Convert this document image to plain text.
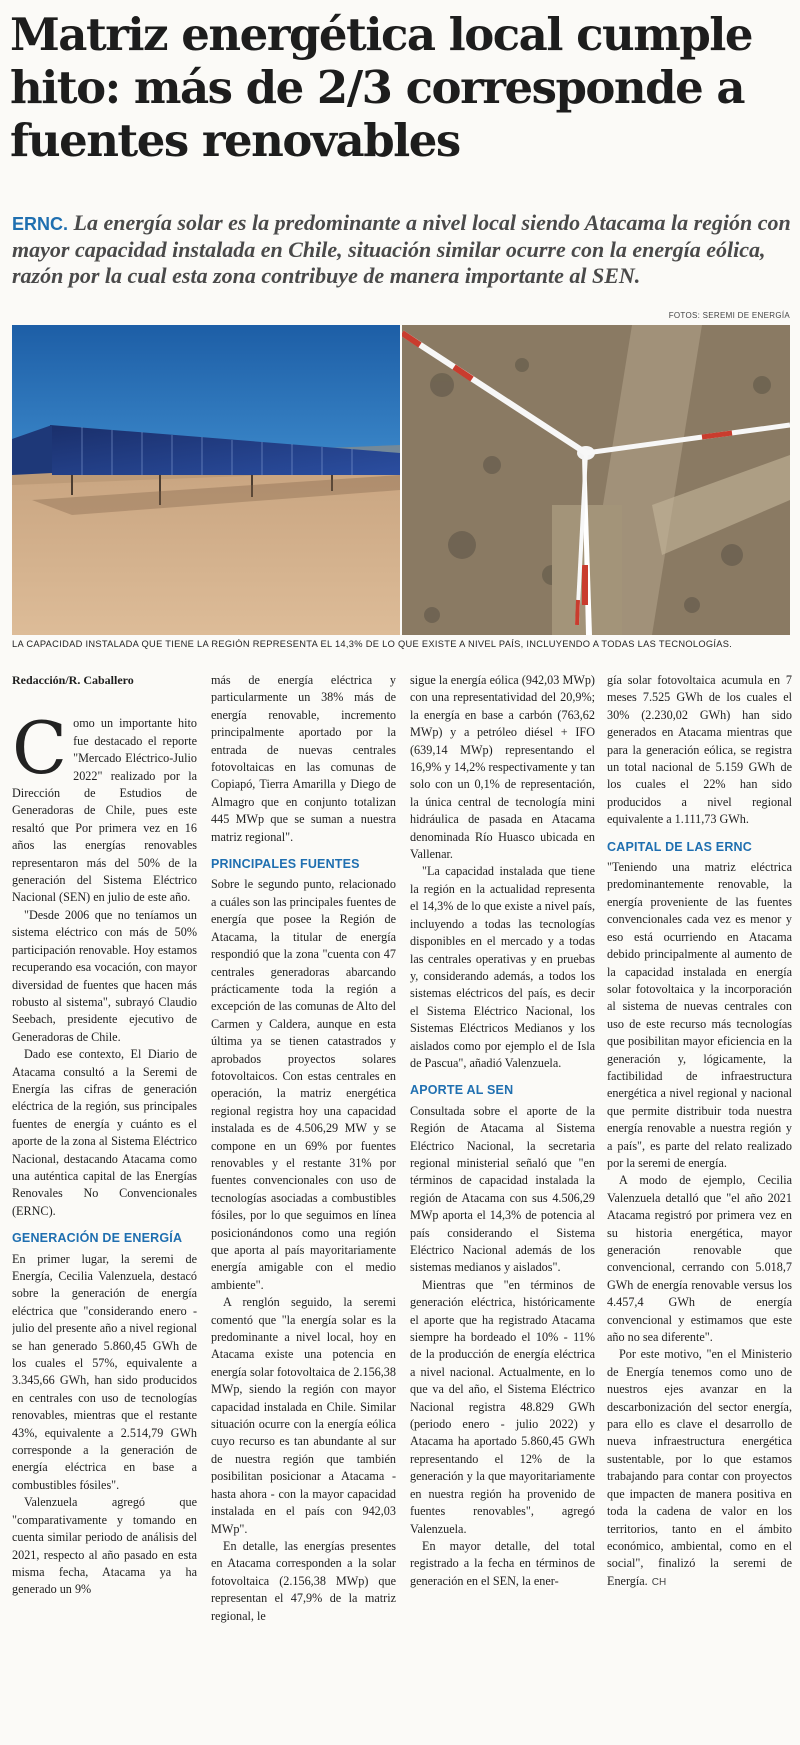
Matriz energética local cumple hito: más de 2/3 corresponde a fuentes renovables

ERNC. La energía solar es la predominante a nivel local siendo Atacama la región con mayor capacidad instalada en Chile, situación similar ocurre con la energía eólica, razón por la cual esta zona contribuye de manera importante al SEN.

FOTOS: SEREMI DE ENERGÍA
LA CAPACIDAD INSTALADA QUE TIENE LA REGIÓN REPRESENTA EL 14,3% DE LO QUE EXISTE A NIVEL PAÍS, INCLUYENDO A TODAS LAS TECNOLOGÍAS.

Redacción/R. Caballero

Como un importante hito fue destacado el reporte "Mercado Eléctrico-Julio 2022" realizado por la Dirección de Estudios de Generadoras de Chile, pues este resaltó que Por primera vez en 16 años las energías renovables representaron más del 50% de la generación del Sistema Eléctrico Nacional (SEN) en julio de este año.

"Desde 2006 que no teníamos un sistema eléctrico con más de 50% participación renovable. Hoy estamos recuperando esa vocación, con mayor diversidad de fuentes que hacen más robusto al sistema", subrayó Claudio Seebach, presidente ejecutivo de Generadoras de Chile.

Dado ese contexto, El Diario de Atacama consultó a la Seremi de Energía las cifras de generación eléctrica de la región, sus principales fuentes de energía y cuánto es el aporte de la zona al Sistema Eléctrico Nacional, destacando Atacama como una auténtica capital de las Energías Renovales No Convencionales (ERNC).

GENERACIÓN DE ENERGÍA

En primer lugar, la seremi de Energía, Cecilia Valenzuela, destacó sobre la generación de energía eléctrica que "considerando enero - julio del presente año a nivel regional se han generado 5.860,45 GWh de los cuales el 57%, equivalente a 3.345,66 GWh, han sido producidos en centrales con uso de tecnologías renovables, mientras que el restante 43%, equivalente a 2.514,79 GWh corresponde a la generación de energía eléctrica en base a combustibles fósiles".

Valenzuela agregó que "comparativamente y tomando en cuenta similar periodo de análisis del 2021, respecto al año pasado en esta misma fecha, Atacama ya ha generado un 9%

más de energía eléctrica y particularmente un 38% más de energía renovable, incremento principalmente aportado por la entrada de nuevas centrales fotovoltaicas en las comunas de Copiapó, Tierra Amarilla y Diego de Almagro que en conjunto totalizan 445 MWp que se suman a nuestra matriz regional".

PRINCIPALES FUENTES

Sobre le segundo punto, relacionado a cuáles son las principales fuentes de energía que posee la Región de Atacama, la titular de energía respondió que la zona "cuenta con 47 centrales generadoras abarcando prácticamente toda la región a excepción de las comunas de Alto del Carmen y Caldera, aunque en esta última ya se tienen catastrados y aprobados proyectos solares fotovoltaicos. Con estas centrales en operación, la matriz energética regional registra hoy una capacidad instalada es de 4.506,29 MW y se compone en un 69% por fuentes renovables y el restante 31% por fuentes convencionales con uso de tecnologías asociadas a combustibles fósiles, por lo que seguimos en línea posicionándonos como una región que aporta al país mayoritariamente energía amigable con el medio ambiente".

A renglón seguido, la seremi comentó que "la energía solar es la predominante a nivel local, hoy en Atacama existe una potencia en energía solar fotovoltaica de 2.156,38 MWp, siendo la región con mayor capacidad instalada en Chile. Similar situación ocurre con la energía eólica cuyo recurso es tan abundante al sur de nuestra región que también posibilitan posicionar a Atacama - hasta ahora - con la mayor capacidad instalada en el país con 942,03 MWp".

En detalle, las energías presentes en Atacama corresponden a la solar fotovoltaica (2.156,38 MWp) que representan el 47,9% de la matriz regional, le

sigue la energía eólica (942,03 MWp) con una representatividad del 20,9%; la energía en base a carbón (763,62 MWp) y a petróleo diésel + IFO (639,14 MWp) representando el 16,9% y 14,2% respectivamente y tan solo con un 0,1% de representación, la única central de tecnología mini hidráulica de pasada en Atacama denominada Río Huasco ubicada en Vallenar.

"La capacidad instalada que tiene la región en la actualidad representa el 14,3% de lo que existe a nivel país, incluyendo a todas las tecnologías disponibles en el mercado y a todas las centrales operativas y en pruebas y, considerando además, a todos los sistemas eléctricos del país, es decir el Sistema Eléctrico Nacional, los Sistemas Eléctricos Medianos y los aislados como por ejemplo el de Isla de Pascua", añadió Valenzuela.

APORTE AL SEN

Consultada sobre el aporte de la Región de Atacama al Sistema Eléctrico Nacional, la secretaria regional ministerial señaló que "en términos de capacidad instalada la región de Atacama con sus 4.506,29 MWp aporta el 14,3% de potencia al país considerando el Sistema Eléctrico Nacional además de los sistemas medianos y aislados".

Mientras que "en términos de generación eléctrica, históricamente el aporte que ha registrado Atacama siempre ha bordeado el 10% - 11% de la producción de energía eléctrica a nivel nacional. Actualmente, en lo que va del año, el Sistema Eléctrico Nacional registra 48.829 GWh (periodo enero - julio 2022) y Atacama ha aportado 5.860,45 GWh representando el 12% de la generación y la que mayoritariamente en nuestra región ha provenido de fuentes renovables", agregó Valenzuela.

En mayor detalle, del total registrado a la fecha en términos de generación en el SEN, la ener-

gía solar fotovoltaica acumula en 7 meses 7.525 GWh de los cuales el 30% (2.230,02 GWh) han sido generados en Atacama mientras que para la generación eólica, se registra un total nacional de 5.159 GWh de los cuales el 22% han sido producidos a nivel regional equivalente a 1.111,73 GWh.

CAPITAL DE LAS ERNC

"Teniendo una matriz eléctrica predominantemente renovable, la energía proveniente de las fuentes convencionales cada vez es menor y eso está ocurriendo en Atacama debido principalmente al aumento de la capacidad instalada en energía solar fotovoltaica y la incorporación al sistema de nuevas centrales con uso de este recurso más tecnologías que posibilitan mayor eficiencia en la generación y, lógicamente, la factibilidad de infraestructura energética a nivel regional y nacional que permite distribuir toda nuestra energía renovable a nuestra región y a país", es parte del relato realizado por la seremi de energía.

A modo de ejemplo, Cecilia Valenzuela detalló que "el año 2021 Atacama registró por primera vez en su historia energética, mayor generación renovable que convencional, cerrando con 5.018,7 GWh de energía renovable versus los 4.457,4 GWh de energía convencional y estimamos que este año no sea diferente".

Por este motivo, "en el Ministerio de Energía tenemos como uno de nuestros ejes avanzar en la descarbonización del sector energía, para ello es clave el desarrollo de nueva infraestructura energética sustentable, por lo que estamos trabajando para contar con proyectos que impacten de manera positiva en toda la cadena de valor en los territorios, tanto en el ámbito económico, ambiental, como en el social", finalizó la seremi de Energía. CH
